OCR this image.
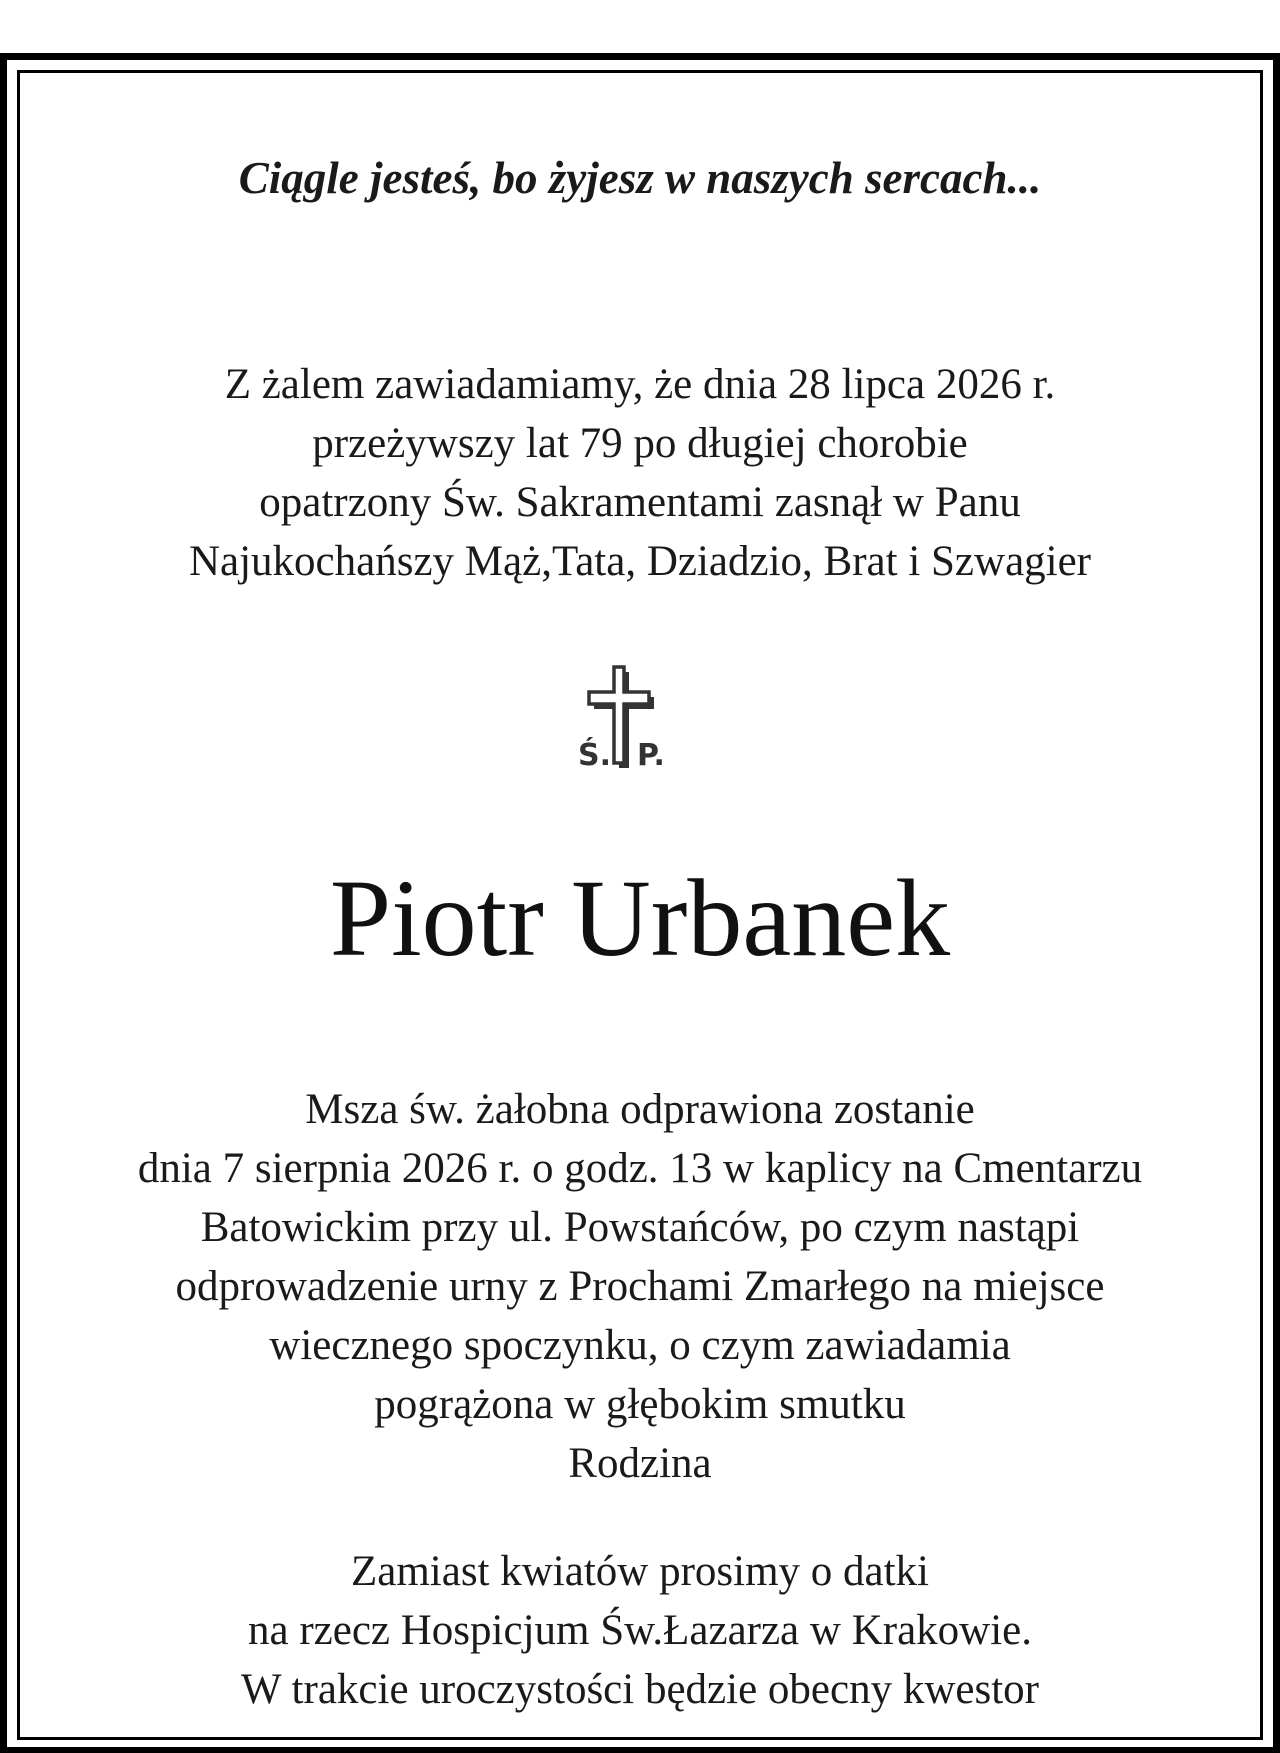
Ciągle jesteś, bo żyjesz w naszych sercach...
Z żalem zawiadamiamy, że dnia 28 lipca 2026 r.
przeżywszy lat 79 po długiej chorobie
opatrzony Św. Sakramentami zasnął w Panu
Najukochańszy Mąż,Tata, Dziadzio, Brat i Szwagier
Ś. P.
Piotr Urbanek
Msza św. żałobna odprawiona zostanie
dnia 7 sierpnia 2026 r. o godz. 13 w kaplicy na Cmentarzu
Batowickim przy ul. Powstańców, po czym nastąpi
odprowadzenie urny z Prochami Zmarłego na miejsce
wiecznego spoczynku, o czym zawiadamia
pogrążona w głębokim smutku
Rodzina
Zamiast kwiatów prosimy o datki
na rzecz Hospicjum Św.Łazarza w Krakowie.
W trakcie uroczystości będzie obecny kwestor
